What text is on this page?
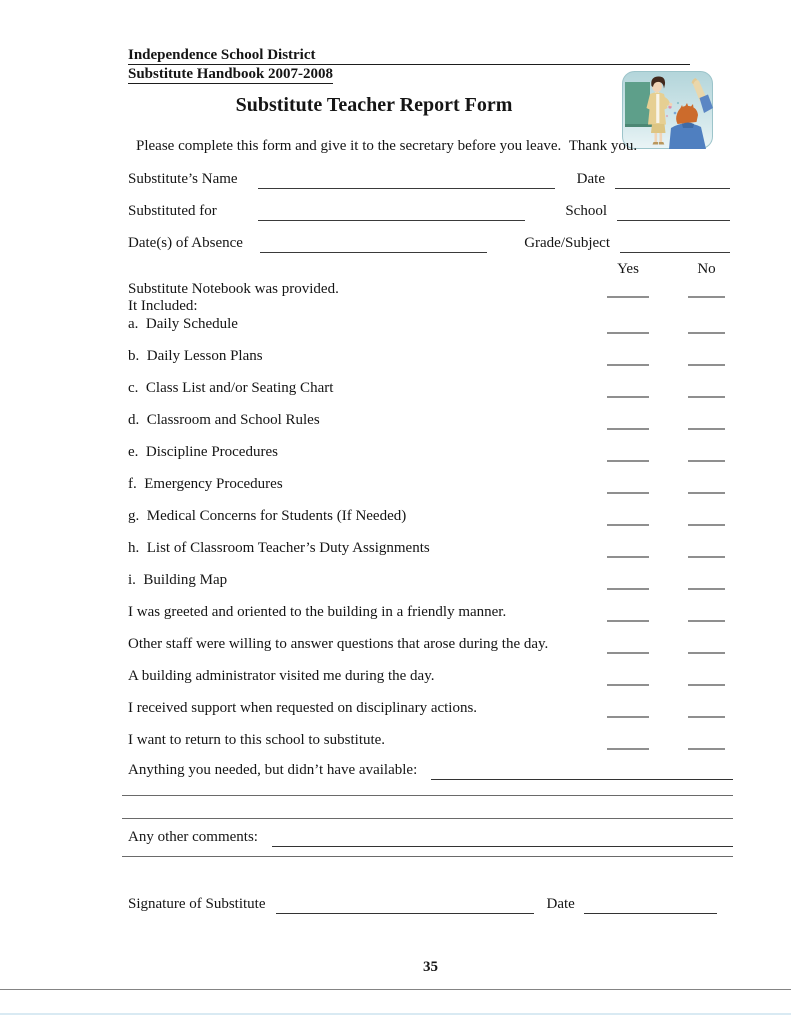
Independence School District
Substitute Handbook 2007-2008
Substitute Teacher Report Form
Please complete this form and give it to the secretary before you leave.  Thank you.
Substitute’s Name	Date
Substituted for	School
Date(s) of Absence	Grade/Subject
Yes	No
Substitute Notebook was provided.
It Included:
a.  Daily Schedule
b.  Daily Lesson Plans
c.  Class List and/or Seating Chart
d.  Classroom and School Rules
e.  Discipline Procedures
f.  Emergency Procedures
g.  Medical Concerns for Students (If Needed)
h.  List of Classroom Teacher’s Duty Assignments
i.  Building Map
I was greeted and oriented to the building in a friendly manner.
Other staff were willing to answer questions that arose during the day.
A building administrator visited me during the day.
I received support when requested on disciplinary actions.
I want to return to this school to substitute.
Anything you needed, but didn’t have available:
Any other comments:
Signature of Substitute	Date
35
